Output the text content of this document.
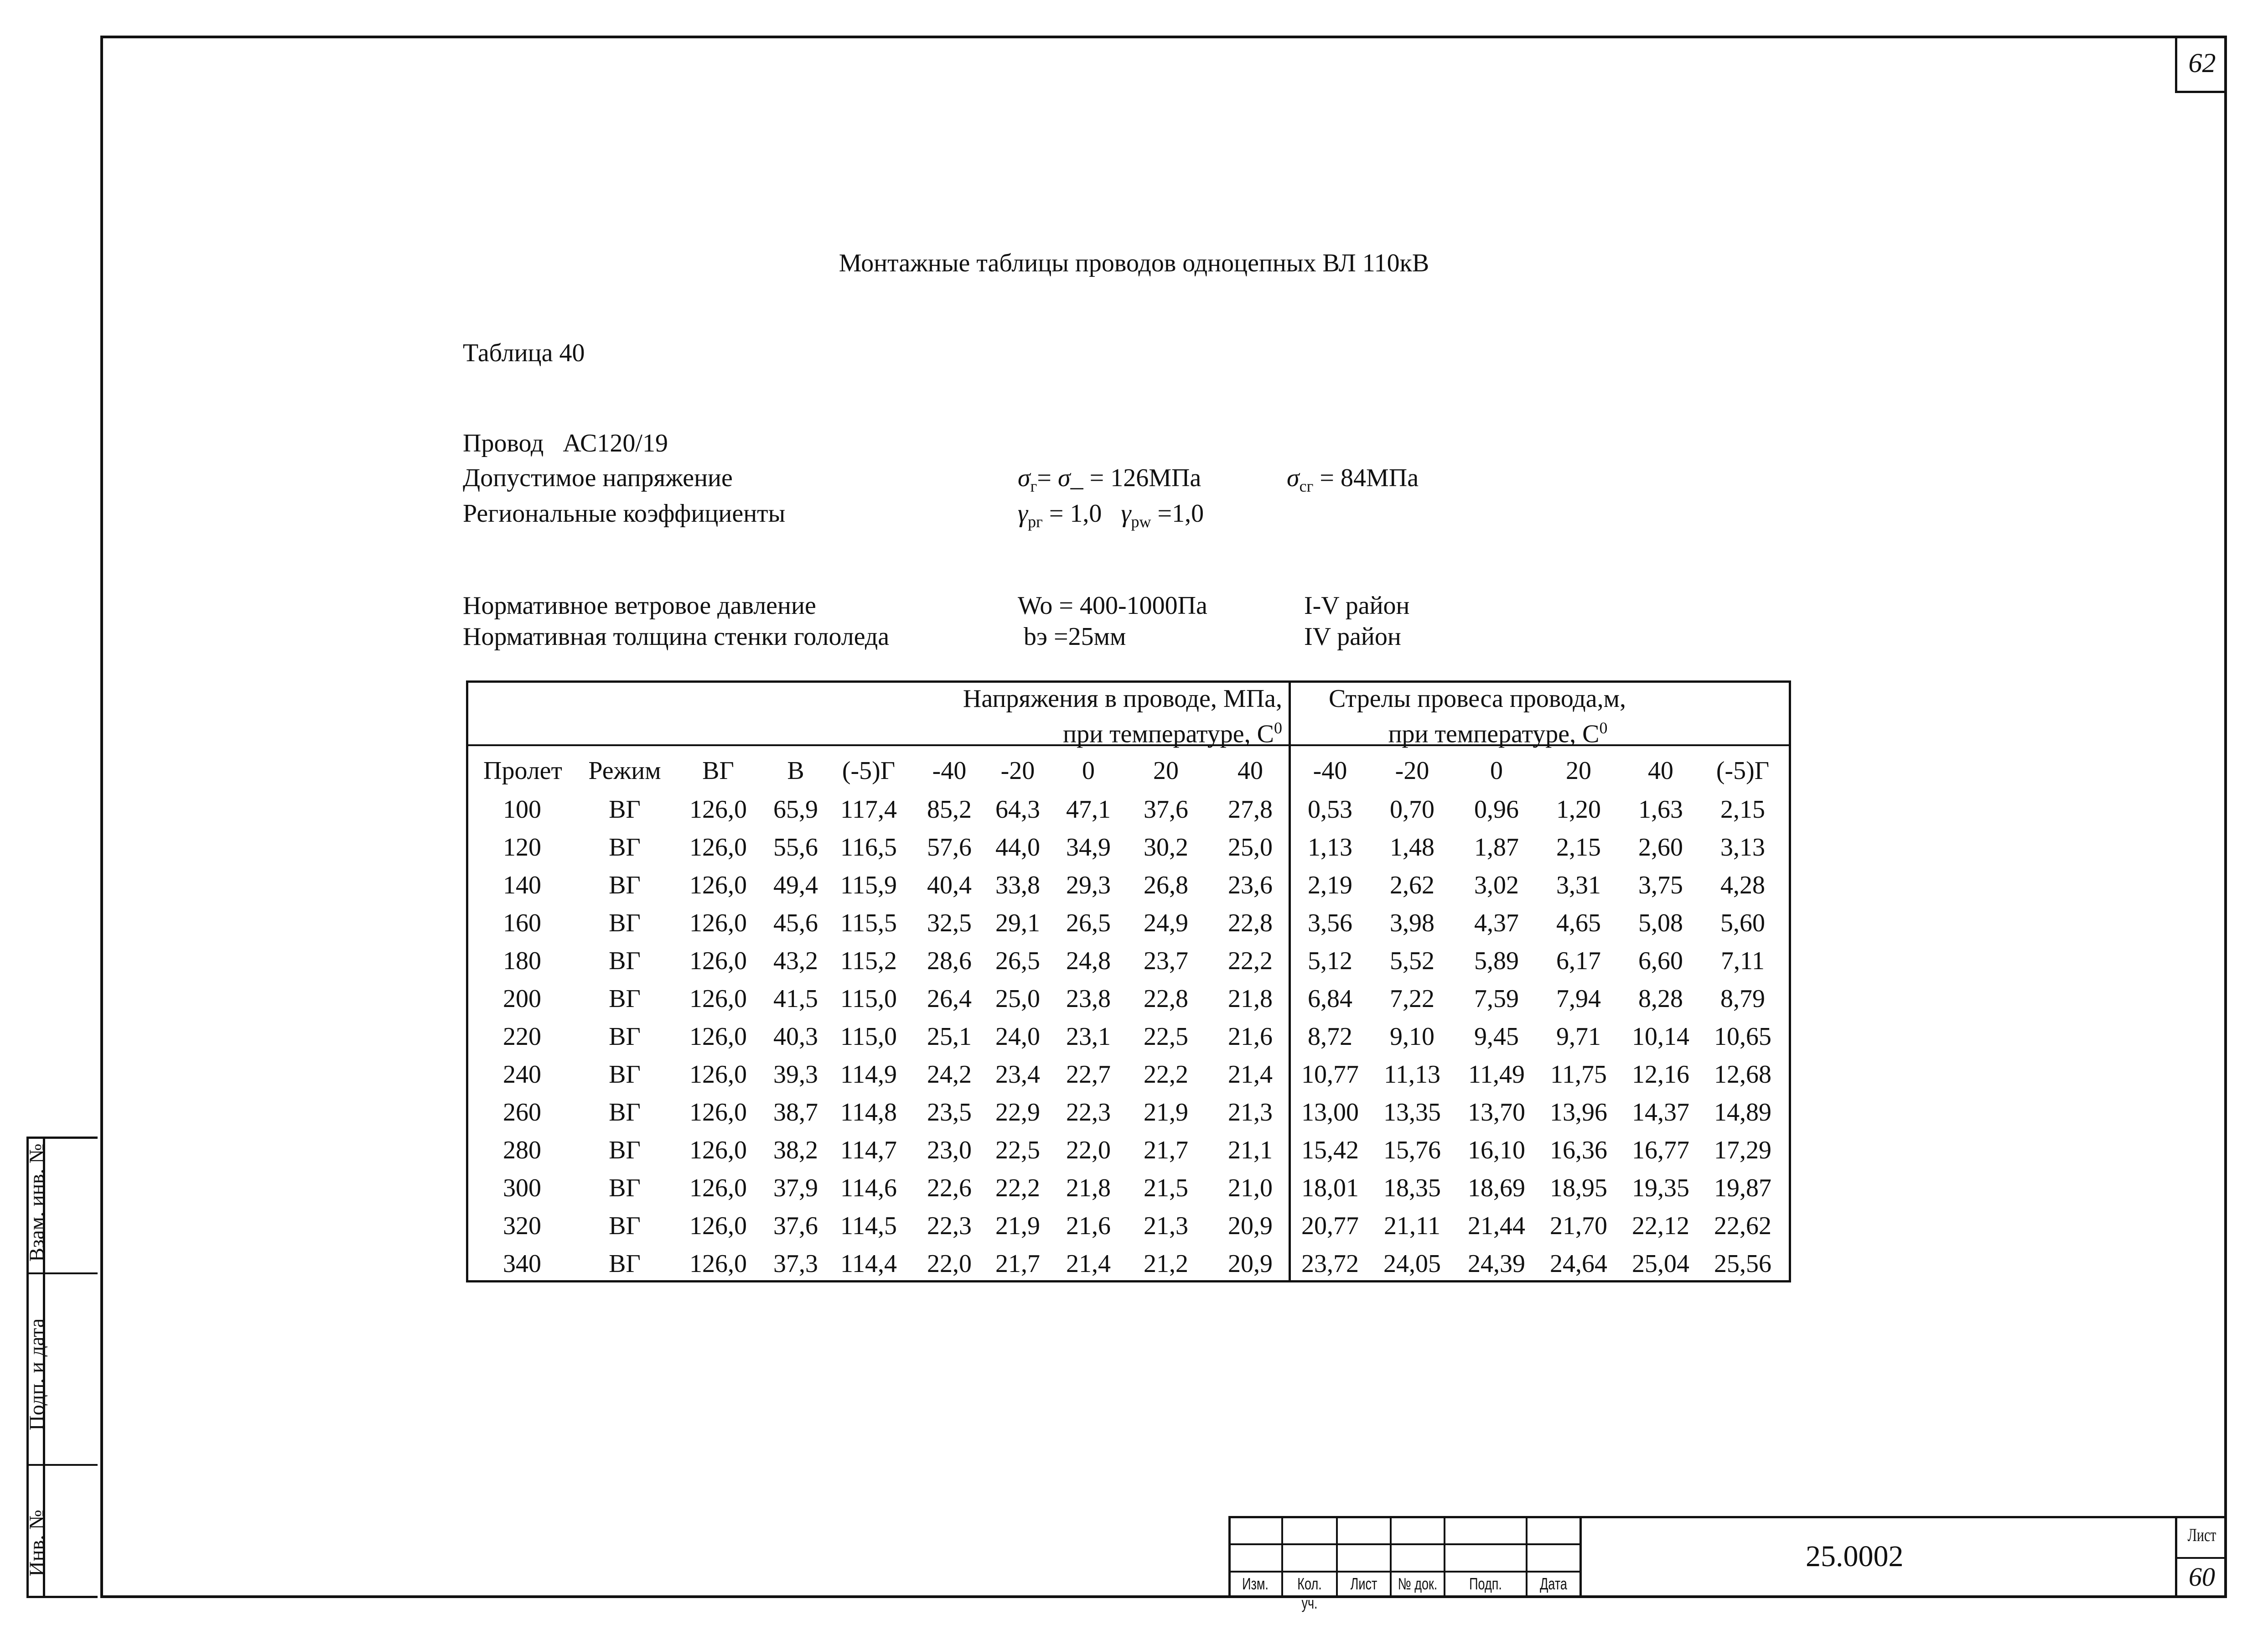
62
Монтажные таблицы проводов одноцепных ВЛ 110кВ
Таблица 40
Провод АС120/19
Допустимое напряжение	$\sigma_г=$ σ_ = 126МПа	$\sigma_{сг} = 84МПа$
Региональные коэффициенты	$\gamma_{рг} = 1,0$ $\gamma_{pw} =1,0$
Нормативное ветровое давление	Wo = 400-1000Па	I-V район
Нормативная толщина стенки гололеда	bэ =25мм	IV район
Напряжения в проводе, МПа,
при температуре, $С^0$
Стрелы провеса провода,м,
при температуре, $С^0$
Пролет Режим	ВГ	В	(-5)Г	-40	-20	0	20	40	-40	-20	0	20	40	(-5)Г
100	ВГ	126,0	65,9 117,4	85,2 64,3	47,1	37,6	27,8	0,53	0,70	0,96	1,20	1,63	2,15
120	ВГ	126,0	55,6 116,5	57,6 44,0	34,9	30,2	25,0	1,13	1,48	1,87	2,15	2,60	3,13
140	ВГ	126,0	49,4 115,9	40,4 33,8	29,3	26,8	23,6	2,19	2,62	3,02	3,31	3,75	4,28
160	ВГ	126,0	45,6 115,5	32,5 29,1	26,5	24,9	22,8	3,56	3,98	4,37	4,65	5,08	5,60
180	ВГ	126,0	43,2 115,2	28,6 26,5	24,8	23,7	22,2	5,12	5,52	5,89	6,17	6,60	7,11
200	ВГ	126,0	41,5 115,0	26,4 25,0	23,8	22,8	21,8	6,84	7,22	7,59	7,94	8,28	8,79
220	ВГ	126,0	40,3 115,0	25,1 24,0	23,1	22,5	21,6	8,72	9,10	9,45	9,71	10,14 10,65
240	ВГ	126,0	39,3 114,9	24,2 23,4	22,7	22,2	21,4	10,77 11,13	11,49	11,75 12,16 12,68
260	ВГ	126,0	38,7 114,8	23,5 22,9	22,3	21,9	21,3	13,00 13,35	13,70 13,96 14,37 14,89
280	ВГ	126,0	38,2 114,7	23,0 22,5	22,0	21,7	21,1	15,42 15,76	16,10 16,36 16,77 17,29
300	ВГ	126,0	37,9 114,6	22,6 22,2	21,8	21,5	21,0	18,01 18,35	18,69 18,95 19,35 19,87
320	ВГ	126,0	37,6 114,5	22,3 21,9	21,6	21,3	20,9	20,77 21,11	21,44 21,70 22,12 22,62
340	ВГ	126,0	37,3 114,4	22,0 21,7	21,4	21,2	20,9	23,72 24,05	24,39 24,64 25,04 25,56
Взам. инв. №
Подп. и дата
Инв. №
Изм.	Кол. уч.
Лист	№ док.	Подп.	Дата
25.0002
Лист
60
